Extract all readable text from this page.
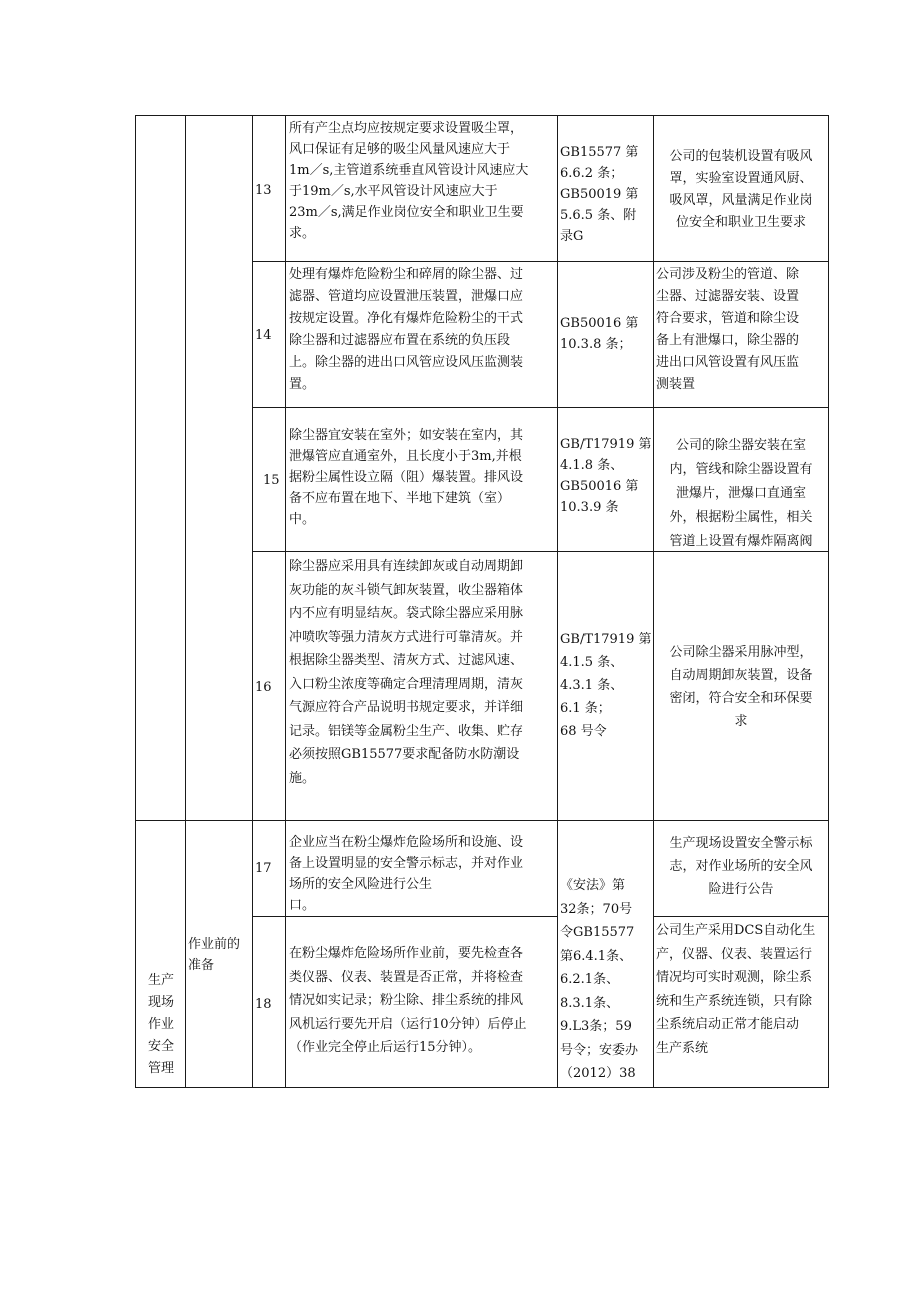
13
所有产尘点均应按规定要求设置吸尘罩，
风口保证有足够的吸尘风量风速应大于
1m／s,主管道系统垂直风管设计风速应大
于19m／s,水平风管设计风速应大于
23m／s,满足作业岗位安全和职业卫生要
求。
GB15577 第
6.6.2 条；
GB50019 第
5.6.5 条、附
录G
公司的包装机设置有吸风
罩，实验室设置通风厨、
吸风罩，风量满足作业岗
位安全和职业卫生要求
14
处理有爆炸危险粉尘和碎屑的除尘器、过
滤器、管道均应设置泄压装置，泄爆口应
按规定设置。净化有爆炸危险粉尘的干式
除尘器和过滤器应布置在系统的负压段
上。除尘器的进出口风管应设风压监测装
置。
GB50016 第
10.3.8 条；
公司涉及粉尘的管道、除
尘器、过滤器安装、设置
符合要求，管道和除尘设
备上有泄爆口，除尘器的
进出口风管设置有风压监
测装置
15
除尘器宜安装在室外；如安装在室内，其
泄爆管应直通室外，且长度小于3m,并根
据粉尘属性设立隔（阻）爆装置。排风设
备不应布置在地下、半地下建筑（室）
中。
GB/T17919 第
4.1.8 条、
GB50016 第
10.3.9 条
公司的除尘器安装在室
内，管线和除尘器设置有
泄爆片，泄爆口直通室
外，根据粉尘属性，相关
管道上设置有爆炸隔离阀
16
除尘器应采用具有连续卸灰或自动周期卸
灰功能的灰斗锁气卸灰装置，收尘器箱体
内不应有明显结灰。袋式除尘器应采用脉
冲喷吹等强力清灰方式进行可靠清灰。并
根据除尘器类型、清灰方式、过滤风速、
入口粉尘浓度等确定合理清理周期，清灰
气源应符合产品说明书规定要求，并详细
记录。铝镁等金属粉尘生产、收集、贮存
必须按照GB15577要求配备防水防潮设
施。
GB/T17919 第
4.1.5 条、
4.3.1 条、
6.1 条；
68 号令
公司除尘器采用脉冲型，
自动周期卸灰装置，设备
密闭，符合安全和环保要
求
生产
现场
作业
安全
管理
作业前的
准备
17
企业应当在粉尘爆炸危险场所和设施、设
备上设置明显的安全警示标志，并对作业
场所的安全风险进行公生
口。
生产现场设置安全警示标
志，对作业场所的安全风
险进行公告
《安法》第
32条；70号
令GB15577
第6.4.1条、
6.2.1条、
8.3.1条、
9.L3条；59
号令；安委办
（2012）38
18
在粉尘爆炸危险场所作业前，要先检查各
类仪器、仪表、装置是否正常，并将检查
情况如实记录；粉尘除、排尘系统的排风
风机运行要先开启（运行10分钟）后停止
（作业完全停止后运行15分钟）。
公司生产采用DCS自动化生
产，仪器、仪表、装置运行
情况均可实时观测，除尘系
统和生产系统连锁，只有除
尘系统启动正常才能启动
生产系统
